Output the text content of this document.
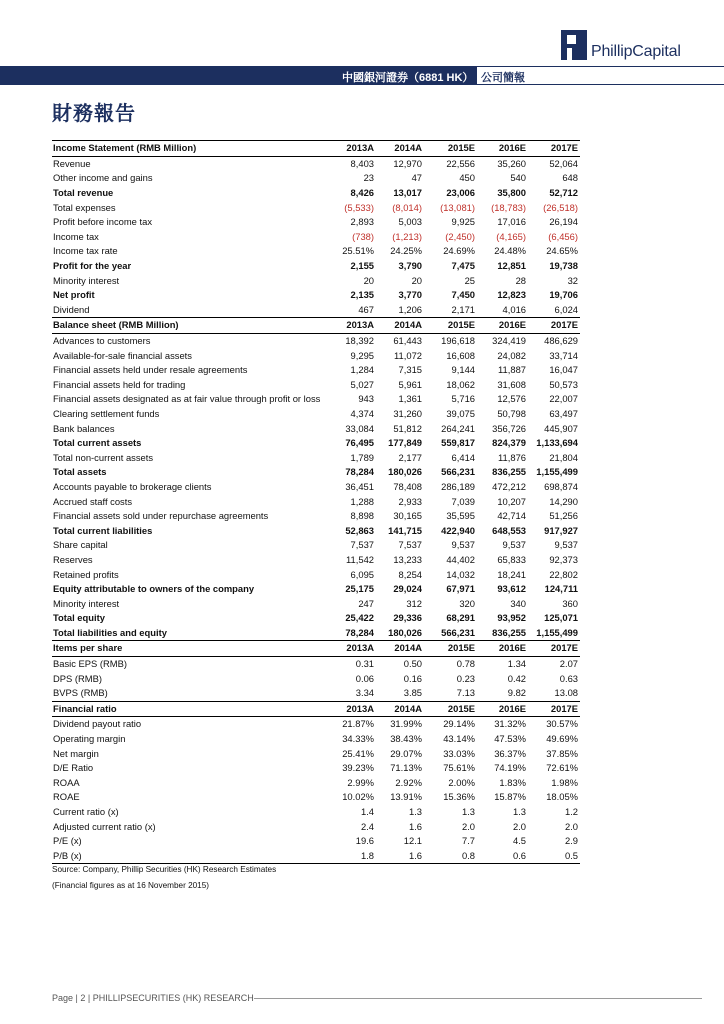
PhillipCapital
中國銀河證券（6881 HK） 公司簡報
財務報告
Income Statement (RMB Million)	2013A	2014A	2015E	2016E	2017E
Revenue	8,403	12,970	22,556	35,260	52,064
Other income and gains	23	47	450	540	648
Total revenue	8,426	13,017	23,006	35,800	52,712
Total expenses	(5,533)	(8,014)	(13,081)	(18,783)	(26,518)
Profit before income tax	2,893	5,003	9,925	17,016	26,194
Income tax	(738)	(1,213)	(2,450)	(4,165)	(6,456)
Income tax rate	25.51%	24.25%	24.69%	24.48%	24.65%
Profit for the year	2,155	3,790	7,475	12,851	19,738
Minority interest	20	20	25	28	32
Net profit	2,135	3,770	7,450	12,823	19,706
Dividend	467	1,206	2,171	4,016	6,024
Balance sheet (RMB Million)	2013A	2014A	2015E	2016E	2017E
Advances to customers	18,392	61,443	196,618	324,419	486,629
Available-for-sale financial assets	9,295	11,072	16,608	24,082	33,714
Financial assets held under resale agreements	1,284	7,315	9,144	11,887	16,047
Financial assets held for trading	5,027	5,961	18,062	31,608	50,573
Financial assets designated as at fair value through profit or loss	943	1,361	5,716	12,576	22,007
Clearing settlement funds	4,374	31,260	39,075	50,798	63,497
Bank balances	33,084	51,812	264,241	356,726	445,907
Total current assets	76,495	177,849	559,817	824,379	1,133,694
Total non-current assets	1,789	2,177	6,414	11,876	21,804
Total assets	78,284	180,026	566,231	836,255	1,155,499
Accounts payable to brokerage clients	36,451	78,408	286,189	472,212	698,874
Accrued staff costs	1,288	2,933	7,039	10,207	14,290
Financial assets sold under repurchase agreements	8,898	30,165	35,595	42,714	51,256
Total current liabilities	52,863	141,715	422,940	648,553	917,927
Share capital	7,537	7,537	9,537	9,537	9,537
Reserves	11,542	13,233	44,402	65,833	92,373
Retained profits	6,095	8,254	14,032	18,241	22,802
Equity attributable to owners of the company	25,175	29,024	67,971	93,612	124,711
Minority interest	247	312	320	340	360
Total equity	25,422	29,336	68,291	93,952	125,071
Total liabilities and equity	78,284	180,026	566,231	836,255	1,155,499
Items per share	2013A	2014A	2015E	2016E	2017E
Basic EPS (RMB)	0.31	0.50	0.78	1.34	2.07
DPS (RMB)	0.06	0.16	0.23	0.42	0.63
BVPS (RMB)	3.34	3.85	7.13	9.82	13.08
Financial ratio	2013A	2014A	2015E	2016E	2017E
Dividend payout ratio	21.87%	31.99%	29.14%	31.32%	30.57%
Operating margin	34.33%	38.43%	43.14%	47.53%	49.69%
Net margin	25.41%	29.07%	33.03%	36.37%	37.85%
D/E Ratio	39.23%	71.13%	75.61%	74.19%	72.61%
ROAA	2.99%	2.92%	2.00%	1.83%	1.98%
ROAE	10.02%	13.91%	15.36%	15.87%	18.05%
Current ratio (x)	1.4	1.3	1.3	1.3	1.2
Adjusted current ratio (x)	2.4	1.6	2.0	2.0	2.0
P/E (x)	19.6	12.1	7.7	4.5	2.9
P/B (x)	1.8	1.6	0.8	0.6	0.5
Source: Company, Phillip Securities (HK) Research Estimates
(Financial figures as at 16 November 2015)
Page | 2 | PHILLIPSECURITIES (HK) RESEARCH
